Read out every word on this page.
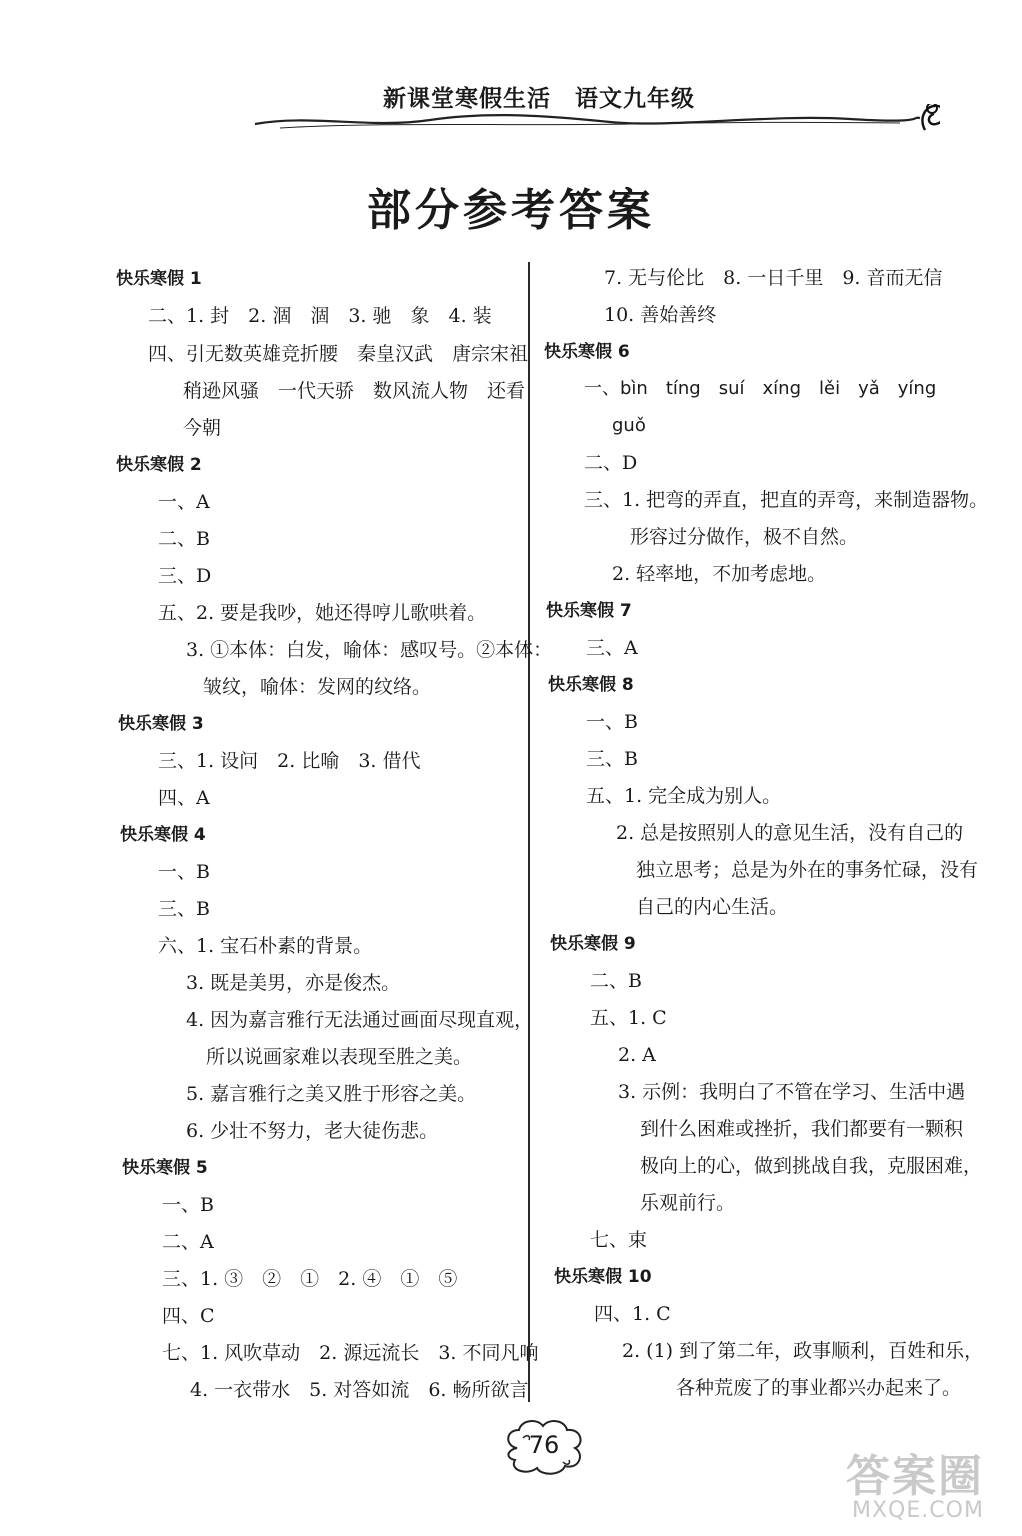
新课堂寒假生活　语文九年级
部分参考答案
快乐寒假 1
二、1. 封　2. 涸　涸　3. 驰　象　4. 装
四、引无数英雄竞折腰　秦皇汉武　唐宗宋祖
稍逊风骚　一代天骄　数风流人物　还看
今朝
快乐寒假 2
一、A
二、B
三、D
五、2. 要是我吵，她还得哼儿歌哄着。
3. ①本体：白发，喻体：感叹号。②本体：
皱纹，喻体：发网的纹络。
快乐寒假 3
三、1. 设问　2. 比喻　3. 借代
四、A
快乐寒假 4
一、B
三、B
六、1. 宝石朴素的背景。
3. 既是美男，亦是俊杰。
4. 因为嘉言雅行无法通过画面尽现直观，
所以说画家难以表现至胜之美。
5. 嘉言雅行之美又胜于形容之美。
6. 少壮不努力，老大徒伤悲。
快乐寒假 5
一、B
二、A
三、1. ③　②　①　2. ④　①　⑤
四、C
七、1. 风吹草动　2. 源远流长　3. 不同凡响
4. 一衣带水　5. 对答如流　6. 畅所欲言
7. 无与伦比　8. 一日千里　9. 音而无信
10. 善始善终
快乐寒假 6
一、bìn　tíng　suí　xíng　lěi　yǎ　yíng
guǒ
二、D
三、1. 把弯的弄直，把直的弄弯，来制造器物。
形容过分做作，极不自然。
2. 轻率地，不加考虑地。
快乐寒假 7
三、A
快乐寒假 8
一、B
三、B
五、1. 完全成为别人。
2. 总是按照别人的意见生活，没有自己的
独立思考；总是为外在的事务忙碌，没有
自己的内心生活。
快乐寒假 9
二、B
五、1. C
2. A
3. 示例：我明白了不管在学习、生活中遇
到什么困难或挫折，我们都要有一颗积
极向上的心，做到挑战自我，克服困难，
乐观前行。
七、束
快乐寒假 10
四、1. C
2. (1) 到了第二年，政事顺利，百姓和乐，
各种荒废了的事业都兴办起来了。
76
答案圈
MXQE.COM
